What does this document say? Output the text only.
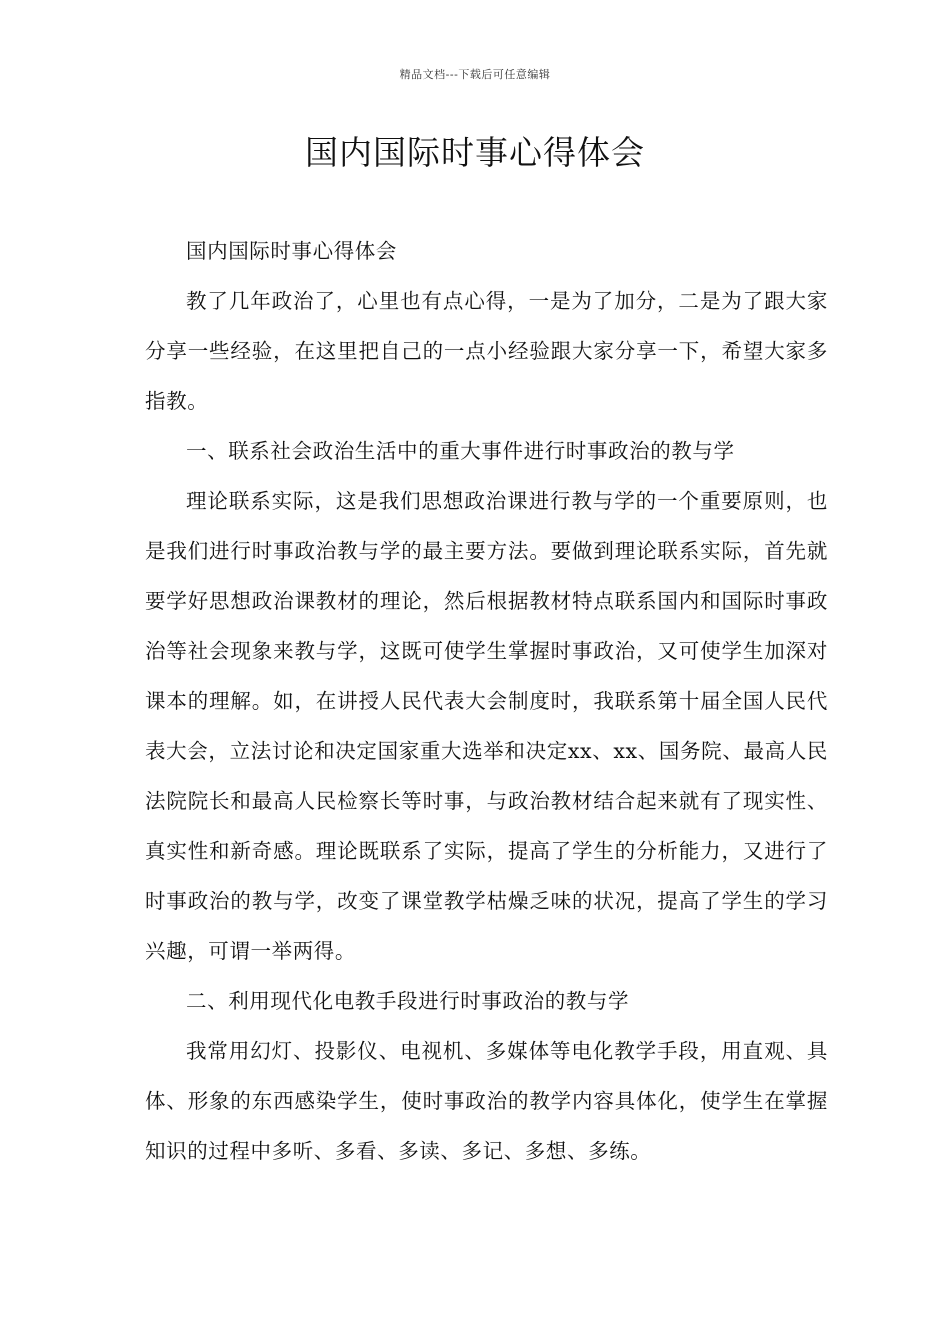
精品文档---下载后可任意编辑
国内国际时事心得体会

国内国际时事心得体会

教了几年政治了，心里也有点心得，一是为了加分，二是为了跟大家分享一些经验，在这里把自己的一点小经验跟大家分享一下，希望大家多指教。

一、联系社会政治生活中的重大事件进行时事政治的教与学

理论联系实际，这是我们思想政治课进行教与学的一个重要原则，也是我们进行时事政治教与学的最主要方法。要做到理论联系实际，首先就要学好思想政治课教材的理论，然后根据教材特点联系国内和国际时事政治等社会现象来教与学，这既可使学生掌握时事政治，又可使学生加深对课本的理解。如，在讲授人民代表大会制度时，我联系第十届全国人民代表大会，立法讨论和决定国家重大选举和决定xx、xx、国务院、最高人民法院院长和最高人民检察长等时事，与政治教材结合起来就有了现实性、真实性和新奇感。理论既联系了实际，提高了学生的分析能力，又进行了时事政治的教与学，改变了课堂教学枯燥乏味的状况，提高了学生的学习兴趣，可谓一举两得。

二、利用现代化电教手段进行时事政治的教与学

我常用幻灯、投影仪、电视机、多媒体等电化教学手段，用直观、具体、形象的东西感染学生，使时事政治的教学内容具体化，使学生在掌握知识的过程中多听、多看、多读、多记、多想、多练。
